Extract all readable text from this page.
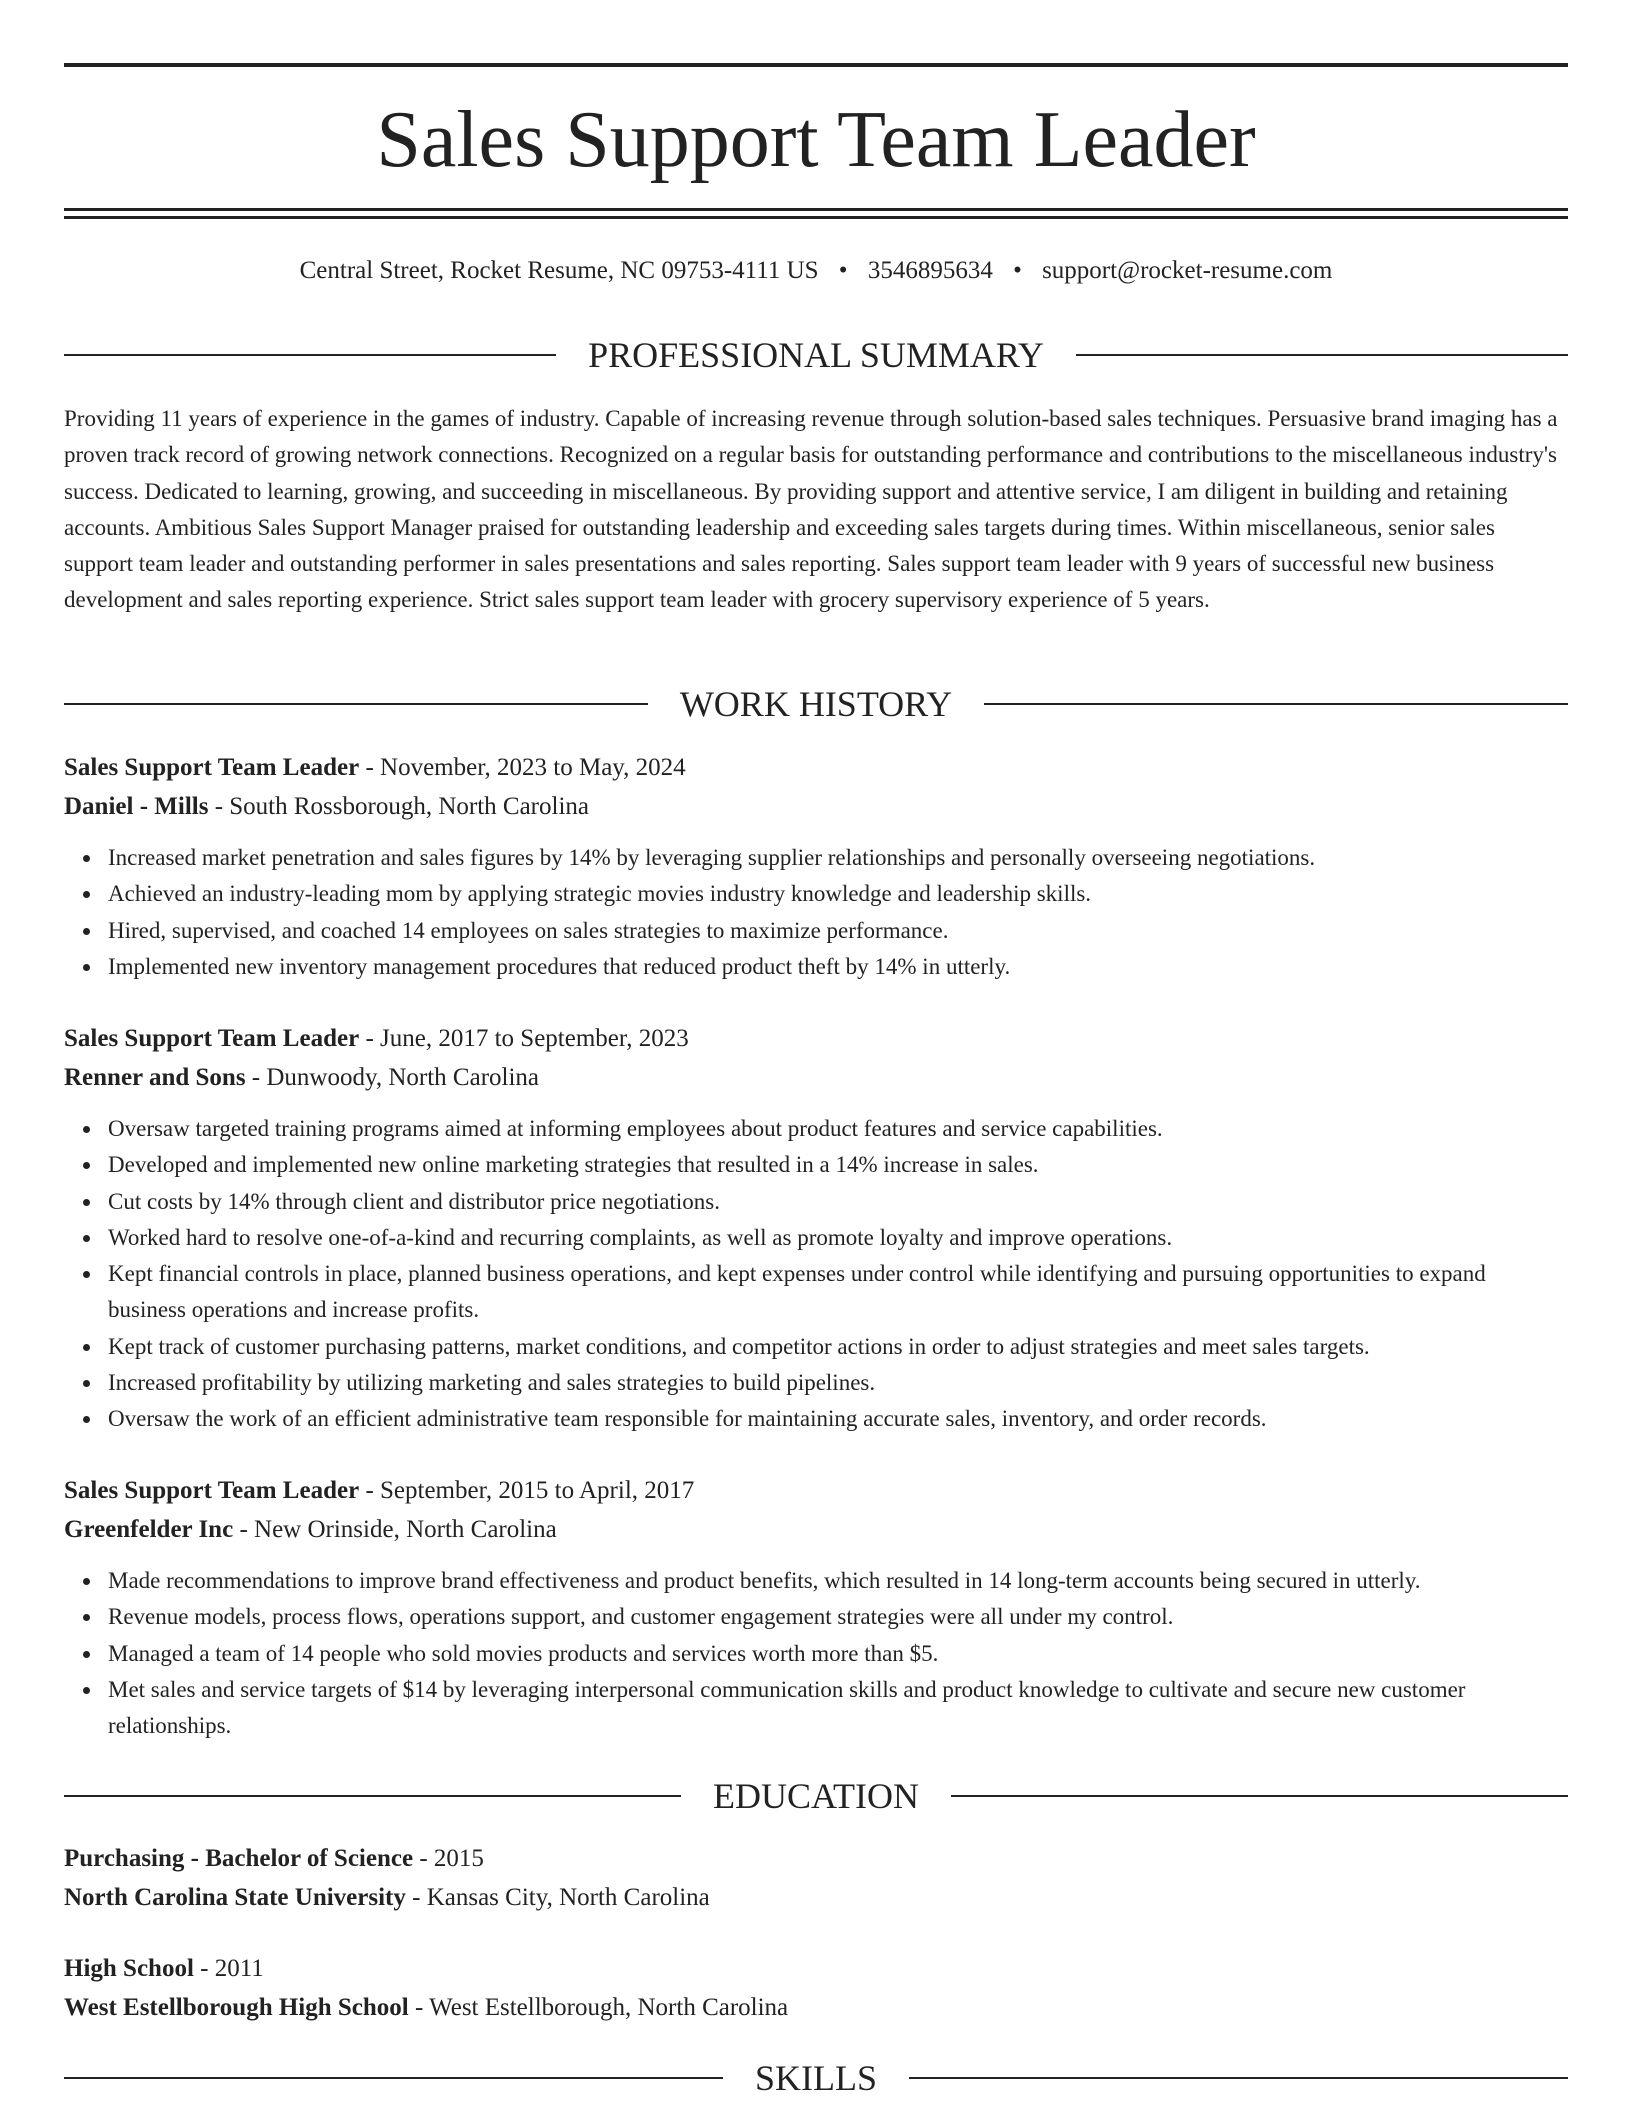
Sales Support Team Leader
Central Street, Rocket Resume, NC 09753-4111 US • 3546895634 • support@rocket-resume.com
PROFESSIONAL SUMMARY

Providing 11 years of experience in the games of industry. Capable of increasing revenue through solution-based sales techniques. Persuasive brand imaging has a proven track record of growing network connections. Recognized on a regular basis for outstanding performance and contributions to the miscellaneous industry's success. Dedicated to learning, growing, and succeeding in miscellaneous. By providing support and attentive service, I am diligent in building and retaining accounts. Ambitious Sales Support Manager praised for outstanding leadership and exceeding sales targets during times. Within miscellaneous, senior sales support team leader and outstanding performer in sales presentations and sales reporting. Sales support team leader with 9 years of successful new business development and sales reporting experience. Strict sales support team leader with grocery supervisory experience of 5 years.

WORK HISTORY
Sales Support Team Leader - November, 2023 to May, 2024
Daniel - Mills - South Rossborough, North Carolina
Increased market penetration and sales figures by 14% by leveraging supplier relationships and personally overseeing negotiations.
Achieved an industry-leading mom by applying strategic movies industry knowledge and leadership skills.
Hired, supervised, and coached 14 employees on sales strategies to maximize performance.
Implemented new inventory management procedures that reduced product theft by 14% in utterly.
Sales Support Team Leader - June, 2017 to September, 2023
Renner and Sons - Dunwoody, North Carolina
Oversaw targeted training programs aimed at informing employees about product features and service capabilities.
Developed and implemented new online marketing strategies that resulted in a 14% increase in sales.
Cut costs by 14% through client and distributor price negotiations.
Worked hard to resolve one-of-a-kind and recurring complaints, as well as promote loyalty and improve operations.
Kept financial controls in place, planned business operations, and kept expenses under control while identifying and pursuing opportunities to expand business operations and increase profits.
Kept track of customer purchasing patterns, market conditions, and competitor actions in order to adjust strategies and meet sales targets.
Increased profitability by utilizing marketing and sales strategies to build pipelines.
Oversaw the work of an efficient administrative team responsible for maintaining accurate sales, inventory, and order records.
Sales Support Team Leader - September, 2015 to April, 2017
Greenfelder Inc - New Orinside, North Carolina
Made recommendations to improve brand effectiveness and product benefits, which resulted in 14 long-term accounts being secured in utterly.
Revenue models, process flows, operations support, and customer engagement strategies were all under my control.
Managed a team of 14 people who sold movies products and services worth more than $5.
Met sales and service targets of $14 by leveraging interpersonal communication skills and product knowledge to cultivate and secure new customer relationships.
EDUCATION
Purchasing - Bachelor of Science - 2015
North Carolina State University - Kansas City, North Carolina
High School - 2011
West Estellborough High School - West Estellborough, North Carolina
SKILLS
